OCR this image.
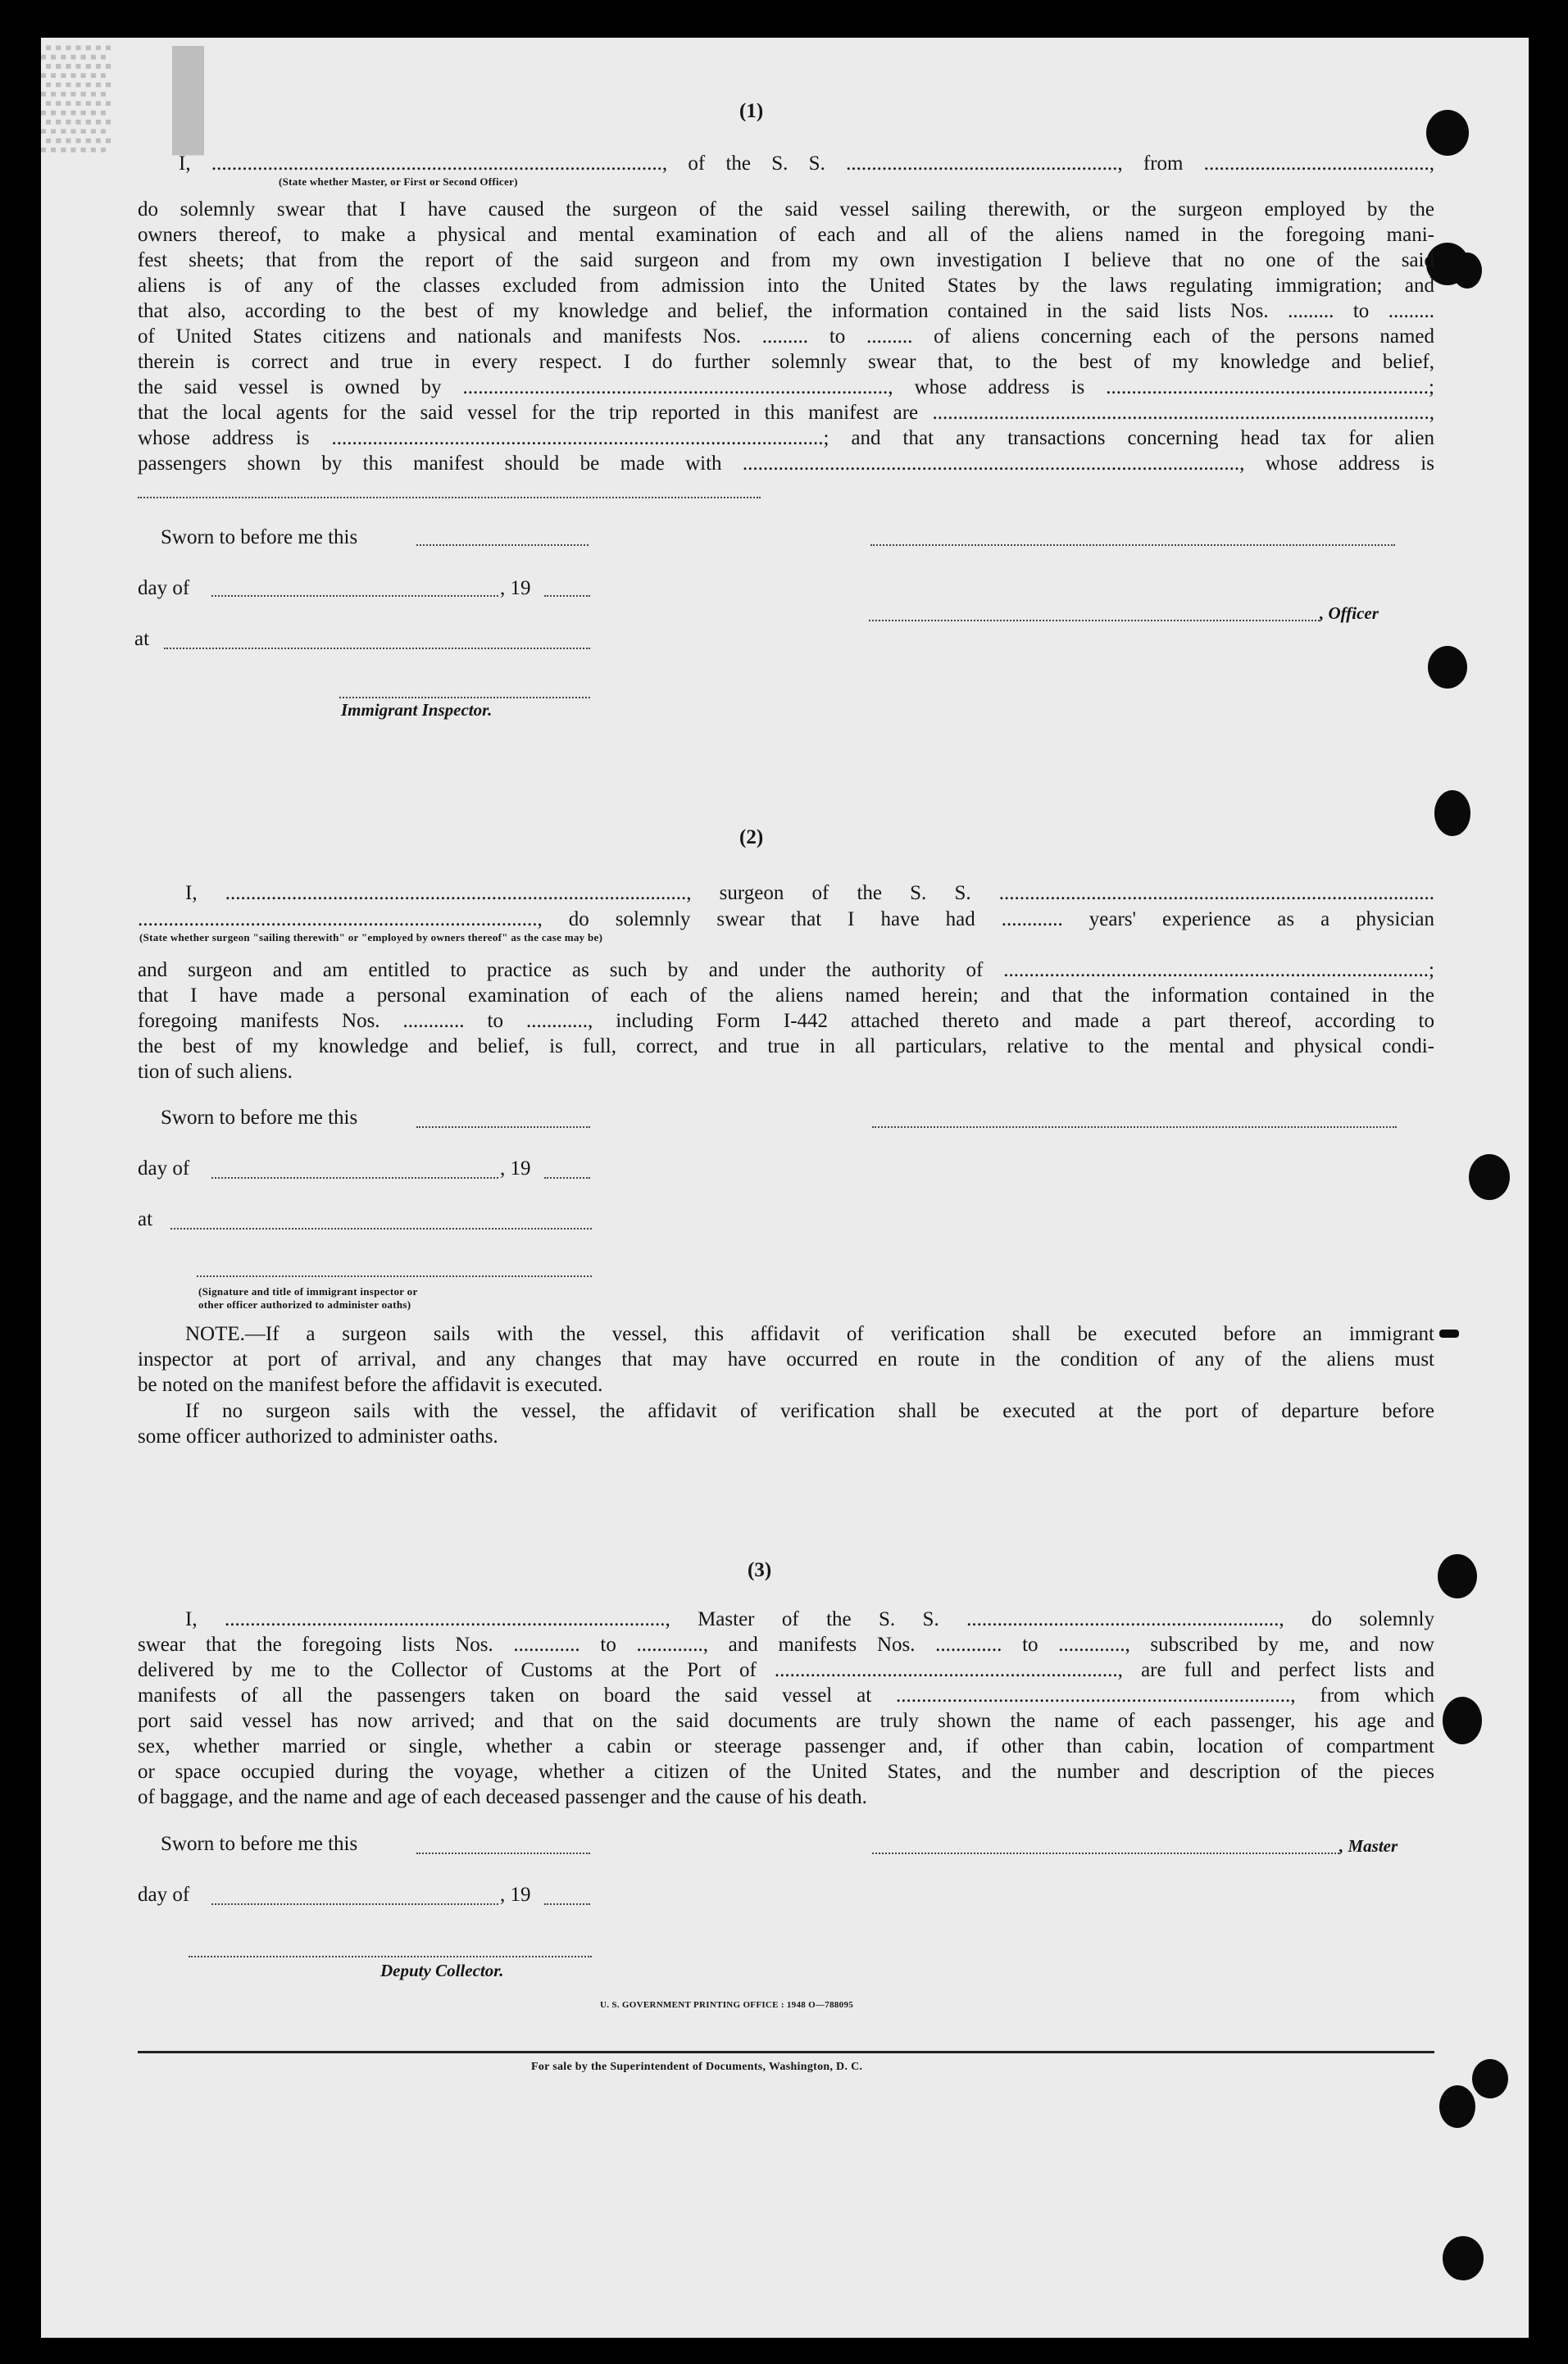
▒ ▌	(1)
I, ........................................................................................, of the S. S. ....................................................., from ............................................,
(State whether Master, or First or Second Officer)
do solemnly swear that I have caused the surgeon of the said vessel sailing therewith, or the surgeon employed by the
owners thereof, to make a physical and mental examination of each and all of the aliens named in the foregoing mani-
fest sheets; that from the report of the said surgeon and from my own investigation I believe that no one of the said
aliens is of any of the classes excluded from admission into the United States by the laws regulating immigration; and
that also, according to the best of my knowledge and belief, the information contained in the said lists Nos. ......... to .........
of United States citizens and nationals and manifests Nos. ......... to ......... of aliens concerning each of the persons named
therein is correct and true in every respect. I do further solemnly swear that, to the best of my knowledge and belief,
the said vessel is owned by ..................................................................................., whose address is ...............................................................;
that the local agents for the said vessel for the trip reported in this manifest are .................................................................................................,
whose address is ................................................................................................; and that any transactions concerning head tax for alien
passengers shown by this manifest should be made with ................................................................................................., whose address is
Sworn to before me this
day of	, 19
, Officer
at
Immigrant Inspector.
(2)
I, .........................................................................................., surgeon of the S. S. .....................................................................................
.............................................................................., do solemnly swear that I have had ............ years' experience as a physician
(State whether surgeon "sailing therewith" or "employed by owners thereof" as the case may be)
and surgeon and am entitled to practice as such by and under the authority of ...................................................................................;
that I have made a personal examination of each of the aliens named herein; and that the information contained in the
foregoing manifests Nos. ............ to ............, including Form I-442 attached thereto and made a part thereof, according to
the best of my knowledge and belief, is full, correct, and true in all particulars, relative to the mental and physical condi-
tion of such aliens.
Sworn to before me this
day of	, 19
at
(Signature and title of immigrant inspector or
other officer authorized to administer oaths)
NOTE.—If a surgeon sails with the vessel, this affidavit of verification shall be executed before an immigrant
inspector at port of arrival, and any changes that may have occurred en route in the condition of any of the aliens must
be noted on the manifest before the affidavit is executed.
If no surgeon sails with the vessel, the affidavit of verification shall be executed at the port of departure before
some officer authorized to administer oaths.
(3)
I, ......................................................................................, Master of the S. S. ............................................................., do solemnly
swear that the foregoing lists Nos. ............. to ............., and manifests Nos. ............. to ............., subscribed by me, and now
delivered by me to the Collector of Customs at the Port of ..................................................................., are full and perfect lists and
manifests of all the passengers taken on board the said vessel at ............................................................................., from which
port said vessel has now arrived; and that on the said documents are truly shown the name of each passenger, his age and
sex, whether married or single, whether a cabin or steerage passenger and, if other than cabin, location of compartment
or space occupied during the voyage, whether a citizen of the United States, and the number and description of the pieces
of baggage, and the name and age of each deceased passenger and the cause of his death.
Sworn to before me this	, Master
day of	, 19
Deputy Collector.
U. S. GOVERNMENT PRINTING OFFICE : 1948 O—788095
For sale by the Superintendent of Documents, Washington, D. C.
